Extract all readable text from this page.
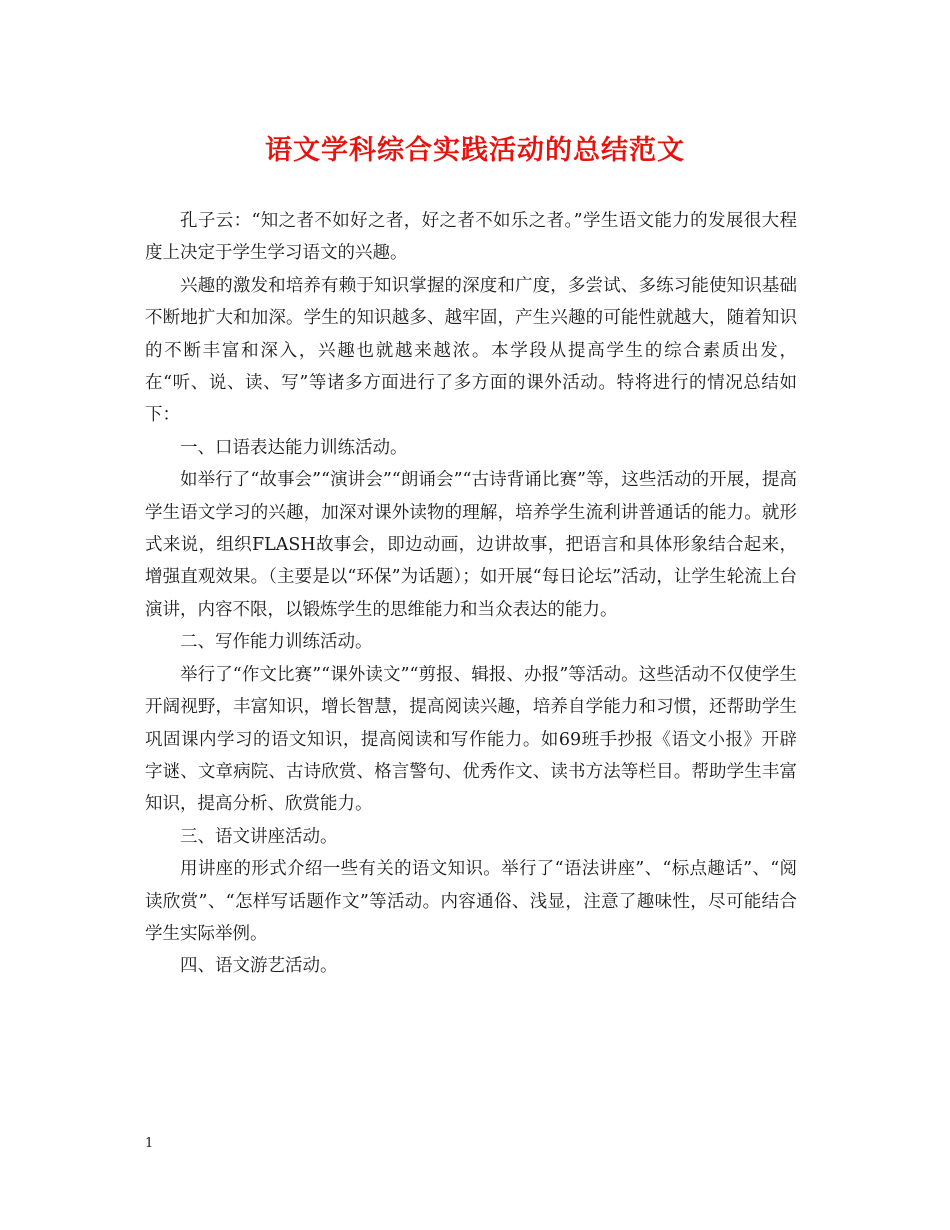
语文学科综合实践活动的总结范文

孔子云：“知之者不如好之者，好之者不如乐之者。”学生语文能力的发展很大程度上决定于学生学习语文的兴趣。

兴趣的激发和培养有赖于知识掌握的深度和广度，多尝试、多练习能使知识基础不断地扩大和加深。学生的知识越多、越牢固，产生兴趣的可能性就越大，随着知识的不断丰富和深入，兴趣也就越来越浓。本学段从提高学生的综合素质出发，在“听、说、读、写”等诸多方面进行了多方面的课外活动。特将进行的情况总结如下：

一、口语表达能力训练活动。

如举行了“故事会”“演讲会”“朗诵会”“古诗背诵比赛”等，这些活动的开展，提高学生语文学习的兴趣，加深对课外读物的理解，培养学生流利讲普通话的能力。就形式来说，组织FLASH故事会，即边动画，边讲故事，把语言和具体形象结合起来，增强直观效果。（主要是以“环保”为话题）；如开展“每日论坛”活动，让学生轮流上台演讲，内容不限，以锻炼学生的思维能力和当众表达的能力。

二、写作能力训练活动。

举行了“作文比赛”“课外读文”“剪报、辑报、办报”等活动。这些活动不仅使学生开阔视野，丰富知识，增长智慧，提高阅读兴趣，培养自学能力和习惯，还帮助学生巩固课内学习的语文知识，提高阅读和写作能力。如69班手抄报《语文小报》开辟字谜、文章病院、古诗欣赏、格言警句、优秀作文、读书方法等栏目。帮助学生丰富知识，提高分析、欣赏能力。

三、语文讲座活动。

用讲座的形式介绍一些有关的语文知识。举行了“语法讲座”、“标点趣话”、“阅读欣赏”、“怎样写话题作文”等活动。内容通俗、浅显，注意了趣味性，尽可能结合学生实际举例。

四、语文游艺活动。

1
